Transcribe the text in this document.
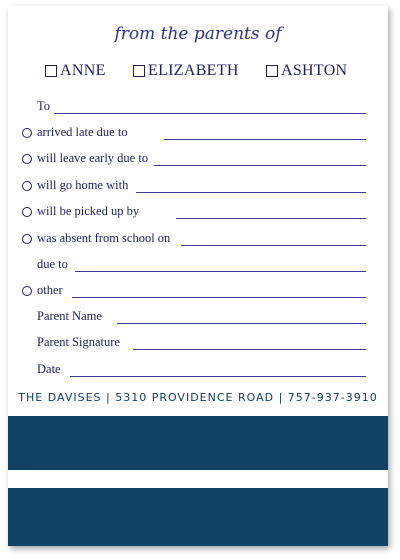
from the parents of
ANNE	ELIZABETH	ASHTON
To
arrived late due to
will leave early due to
will go home with
will be picked up by
was absent from school on
due to
other
Parent Name
Parent Signature
Date
THE DAVISES | 5310 PROVIDENCE ROAD | 757-937-3910
